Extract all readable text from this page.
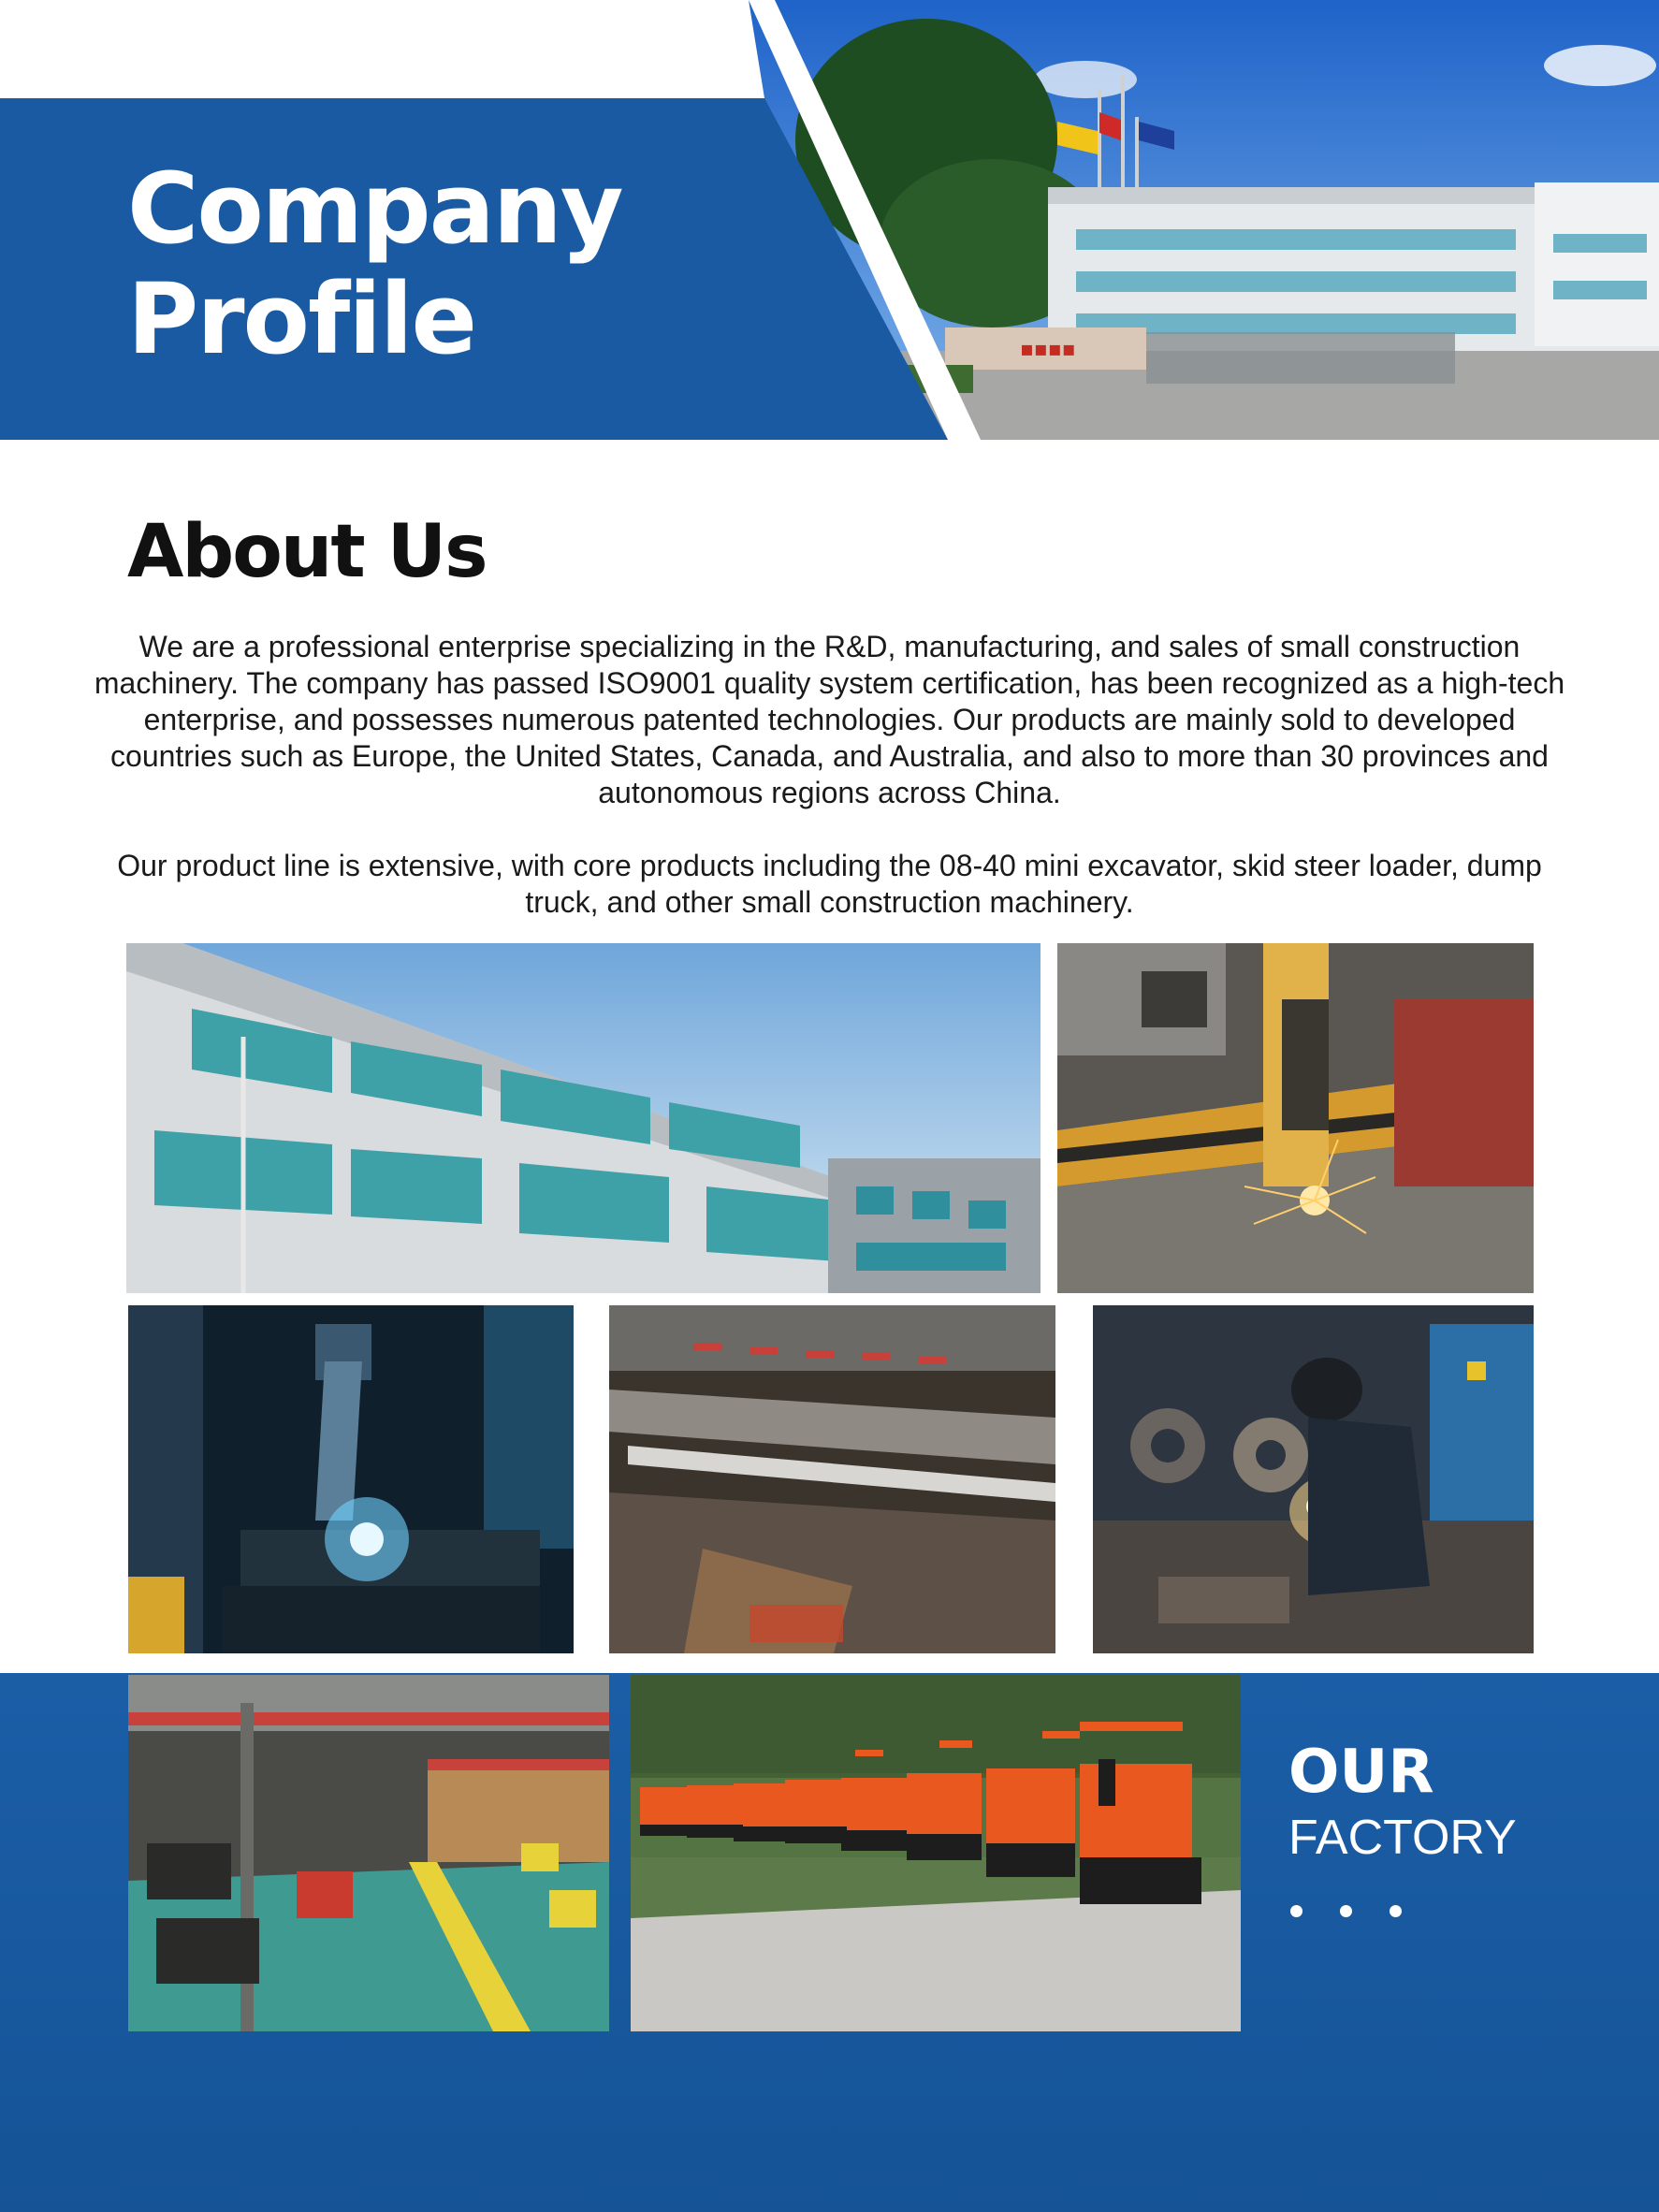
▪▪▪▪
Company
Profile
About Us

We are a professional enterprise specializing in the R&D, manufacturing, and sales of small construction machinery. The company has passed ISO9001 quality system certification, has been recognized as a high-tech enterprise, and possesses numerous patented technologies. Our products are mainly sold to developed countries such as Europe, the United States, Canada, and Australia, and also to more than 30 provinces and autonomous regions across China.

Our product line is extensive, with core products including the 08-40 mini excavator, skid steer loader, dump truck, and other small construction machinery.

OUR
FACTORY
